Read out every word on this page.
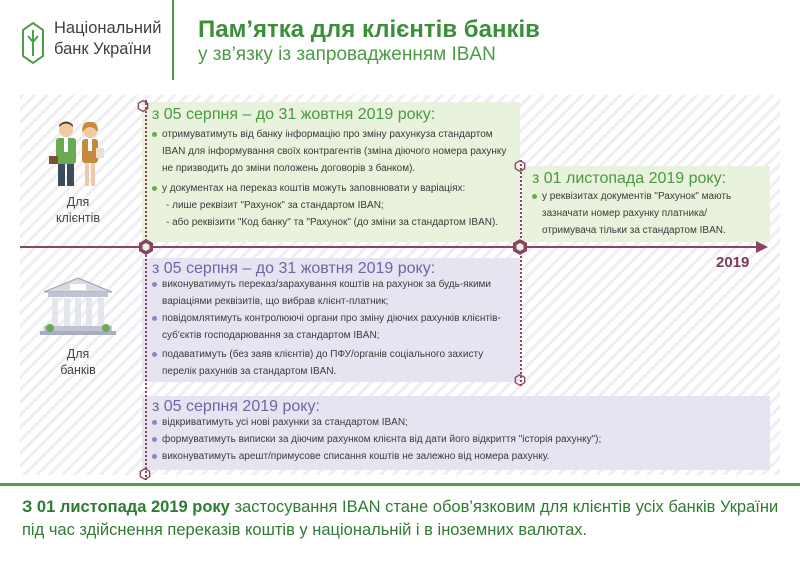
Національний
банк України
Пам’ятка для клієнтів банків
у зв’язку із запровадженням IBAN
з 05 серпня – до 31 жовтня 2019 року:
отримуватимуть від банку інформацію про зміну рахункуза стандартом IBAN для інформування своїх контрагентів (зміна діючого номера рахунку не призводить до зміни положень договорів з банком).
у документах на переказ коштів можуть заповнювати у варіаціях:
- лише реквізит "Рахунок" за стандартом IBAN;
- або реквізити "Код банку" та "Рахунок" (до зміни за стандартом IBAN).
з 01 листопада 2019 року:
у реквізитах документів "Рахунок" мають зазначати номер рахунку платника/ отримувача тільки за стандартом IBAN.
з 05 серпня – до 31 жовтня 2019 року:
виконуватимуть переказ/зарахування коштів на рахунок за будь-якими варіаціями реквізитів, що вибрав клієнт-платник;
повідомлятимуть контролюючі органи про зміну діючих рахунків клієнтів-суб'єктів господарювання за стандартом IBAN;
подаватимуть (без заяв клієнтів) до ПФУ/органів соціального захисту перелік рахунків за стандартом IBAN.
з 05 серпня 2019 року:
відкриватимуть усі нові рахунки за стандартом IBAN;
формуватимуть виписки за діючим рахунком клієнта від дати його відкриття "історія рахунку");
виконуватимуть арешт/примусове списання коштів не залежно від номера рахунку.
2019
Для
клієнтів
Для
банків
З 01 листопада 2019 року застосування IBAN стане обов’язковим для клієнтів усіх банків України під час здійснення переказів коштів у національній і в іноземних валютах.
